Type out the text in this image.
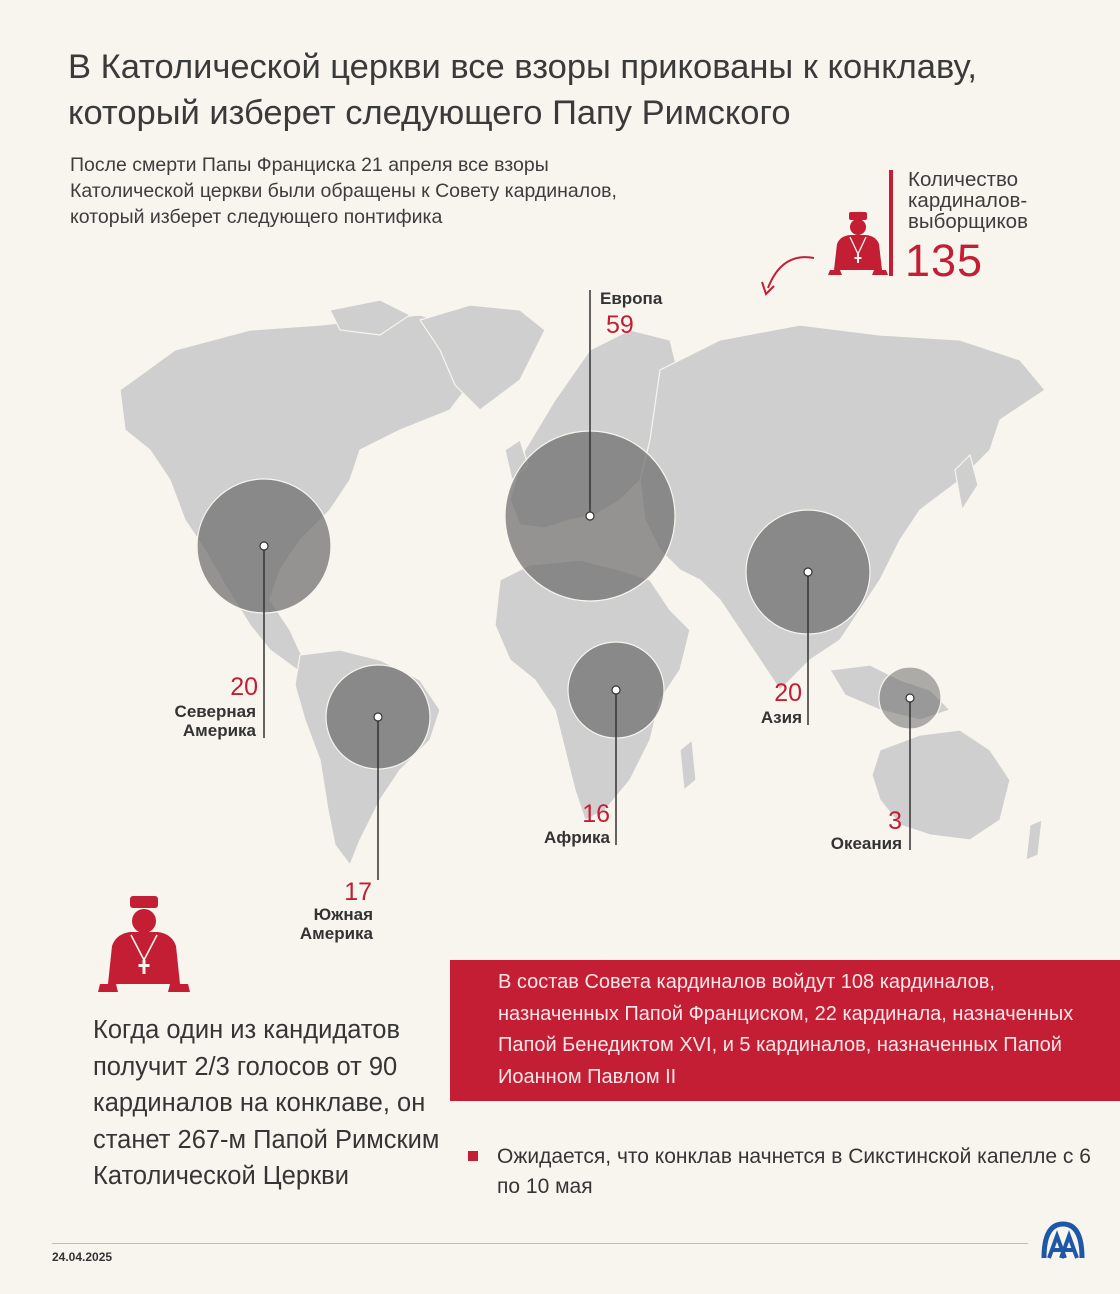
В Католической церкви все взоры прикованы к конклаву, который изберет следующего Папу Римского

После смерти Папы Франциска 21 апреля все взоры Католической церкви были обращены к Совету кардиналов, который изберет следующего понтифика

Количество кардиналов-выборщиков
135
Европа
59
20
Северная
Америка
20
Азия
17
Южная
Америка
16
Африка
3
Океания
Когда один из кандидатов получит 2/3 голосов от 90 кардиналов на конклаве, он станет 267-м Папой Римским Католической Церкви
В состав Совета кардиналов войдут 108 кардиналов, назначенных Папой Франциском, 22 кардинала, назначенных Папой Бенедиктом XVI, и 5 кардиналов, назначенных Папой Иоанном Павлом II
Ожидается, что конклав начнется в Сикстинской капелле с 6 по 10 мая
24.04.2025
